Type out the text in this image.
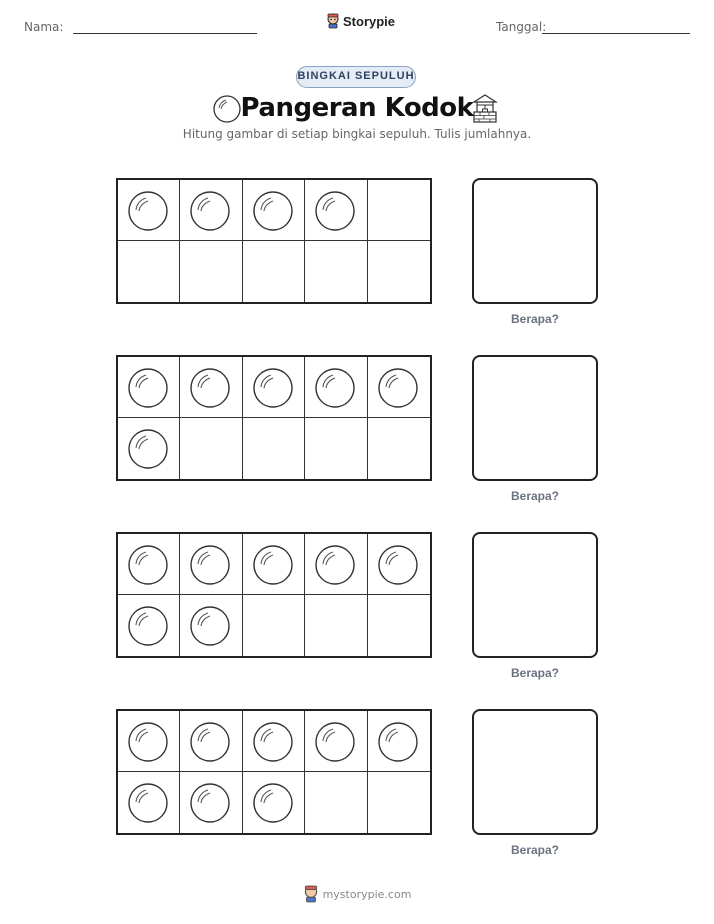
Nama:	Storypie	Tanggal:
BINGKAI SEPULUH
Pangeran Kodok
Hitung gambar di setiap bingkai sepuluh. Tulis jumlahnya.
Berapa?
Berapa?
Berapa?
Berapa?
mystorypie.com
